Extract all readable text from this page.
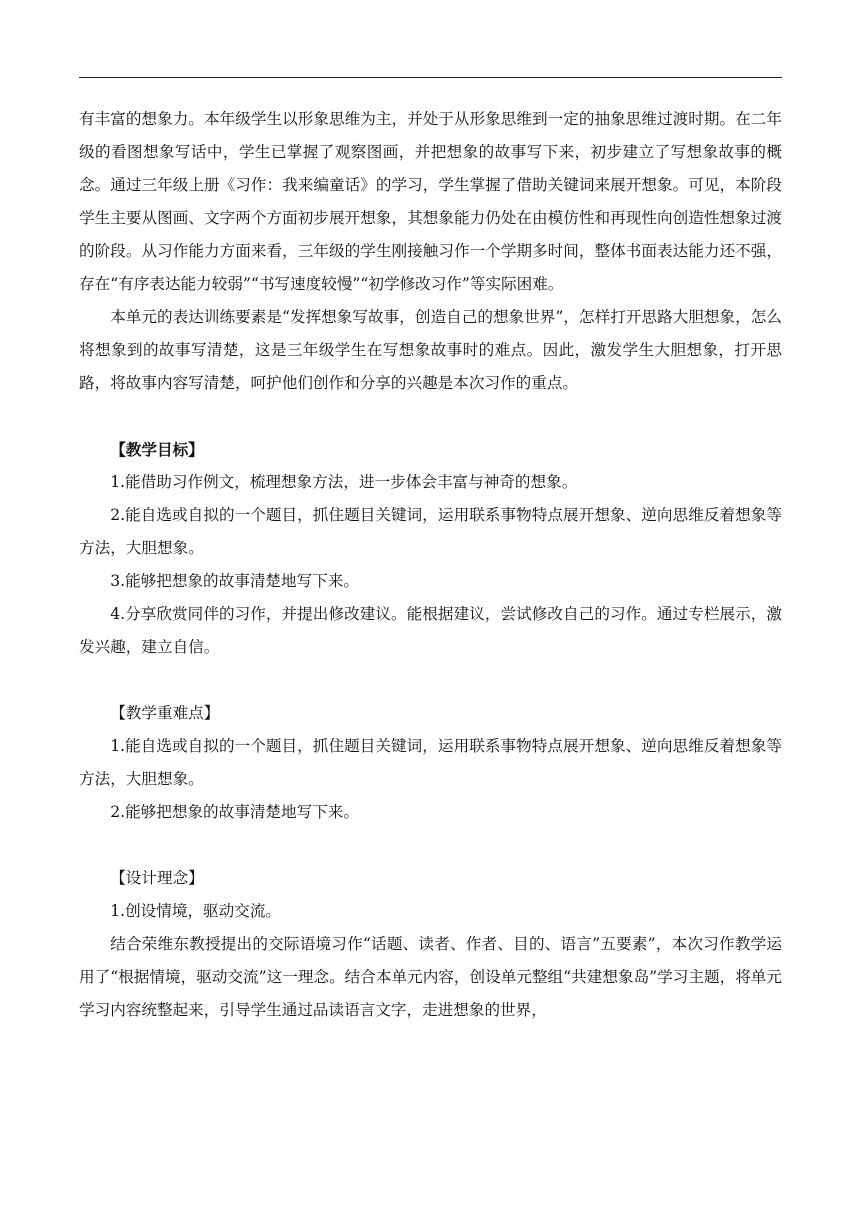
有丰富的想象力。本年级学生以形象思维为主，并处于从形象思维到一定的抽象思维过渡时期。在二年级的看图想象写话中，学生已掌握了观察图画，并把想象的故事写下来，初步建立了写想象故事的概念。通过三年级上册《习作：我来编童话》的学习，学生掌握了借助关键词来展开想象。可见，本阶段学生主要从图画、文字两个方面初步展开想象，其想象能力仍处在由模仿性和再现性向创造性想象过渡的阶段。从习作能力方面来看，三年级的学生刚接触习作一个学期多时间，整体书面表达能力还不强，存在“有序表达能力较弱”“书写速度较慢”“初学修改习作”等实际困难。

本单元的表达训练要素是“发挥想象写故事，创造自己的想象世界”，怎样打开思路大胆想象，怎么将想象到的故事写清楚，这是三年级学生在写想象故事时的难点。因此，激发学生大胆想象，打开思路，将故事内容写清楚，呵护他们创作和分享的兴趣是本次习作的重点。

【教学目标】

1.能借助习作例文，梳理想象方法，进一步体会丰富与神奇的想象。

2.能自选或自拟的一个题目，抓住题目关键词，运用联系事物特点展开想象、逆向思维反着想象等方法，大胆想象。

3.能够把想象的故事清楚地写下来。

4.分享欣赏同伴的习作，并提出修改建议。能根据建议，尝试修改自己的习作。通过专栏展示，激发兴趣，建立自信。

【教学重难点】

1.能自选或自拟的一个题目，抓住题目关键词，运用联系事物特点展开想象、逆向思维反着想象等方法，大胆想象。

2.能够把想象的故事清楚地写下来。

【设计理念】

1.创设情境，驱动交流。

结合荣维东教授提出的交际语境习作“话题、读者、作者、目的、语言”五要素”，本次习作教学运用了“根据情境，驱动交流”这一理念。结合本单元内容，创设单元整组“共建想象岛”学习主题，将单元学习内容统整起来，引导学生通过品读语言文字，走进想象的世界，
